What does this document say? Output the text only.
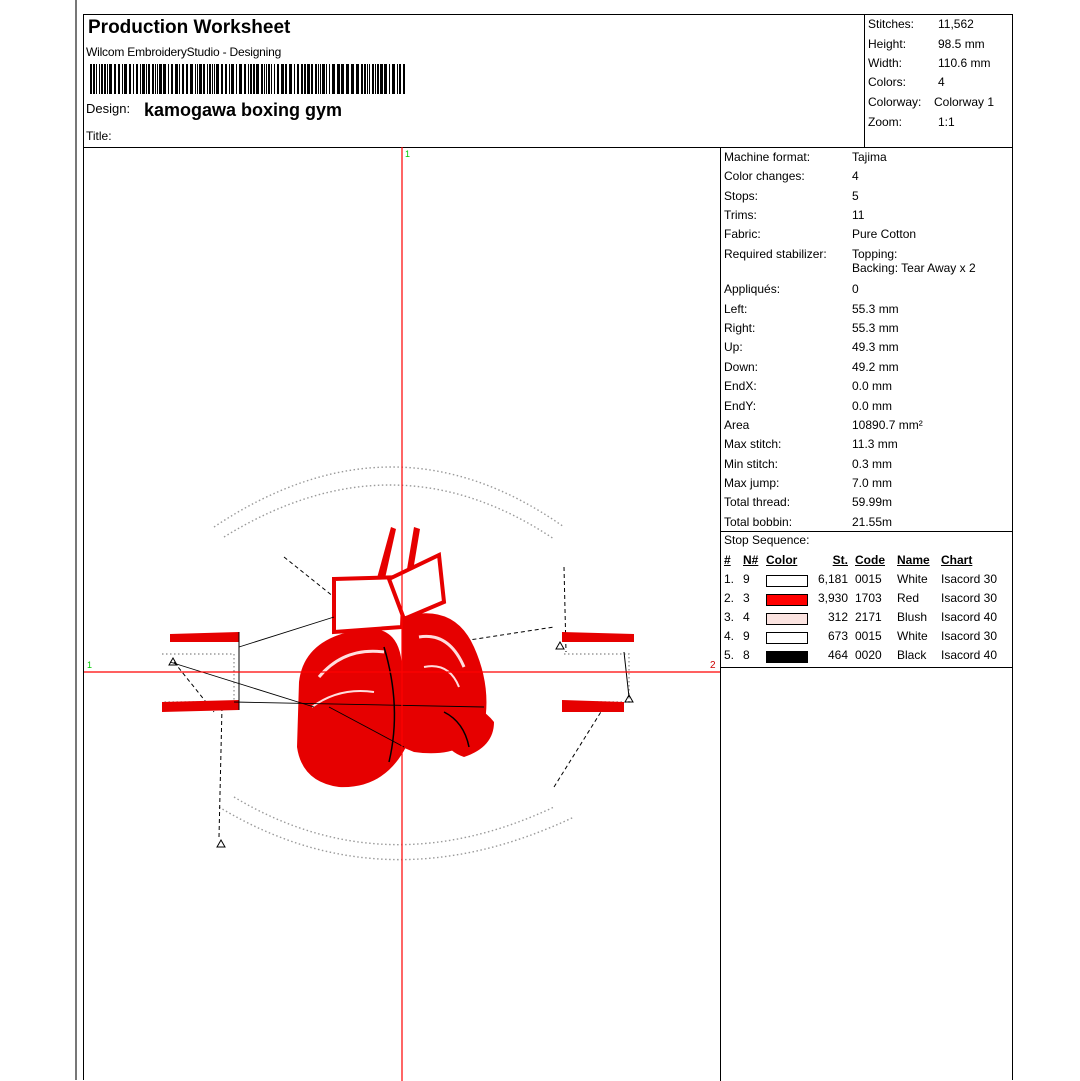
Production Worksheet
Wilcom EmbroideryStudio - Designing
Design: kamogawa boxing gym
Title:
Stitches: 11,562
Height:	98.5 mm
Width:	110.6 mm
Colors:	4
Colorway: Colorway 1
Zoom:	1:1
1
1	2
Machine format:	Tajima
Color changes:	4
Stops:	5
Trims:	11
Fabric:	Pure Cotton
Required stabilizer: Topping:
Backing: Tear Away x 2
Appliqués:	0
Left:	55.3 mm
Right:	55.3 mm
Up:	49.3 mm
Down:	49.2 mm
EndX:	0.0 mm
EndY:	0.0 mm
Area	10890.7 mm²
Max stitch:	11.3 mm
Min stitch:	0.3 mm
Max jump:	7.0 mm
Total thread:	59.99m
Total bobbin:	21.55m
Stop Sequence:
# N# Color	St. Code Name Chart
1. 9	6,181 0015 White Isacord 30
2. 3	3,930 1703 Red Isacord 30
3. 4	312 2171 Blush Isacord 40
4. 9	673 0015 White Isacord 30
5. 8	464 0020 Black Isacord 40
